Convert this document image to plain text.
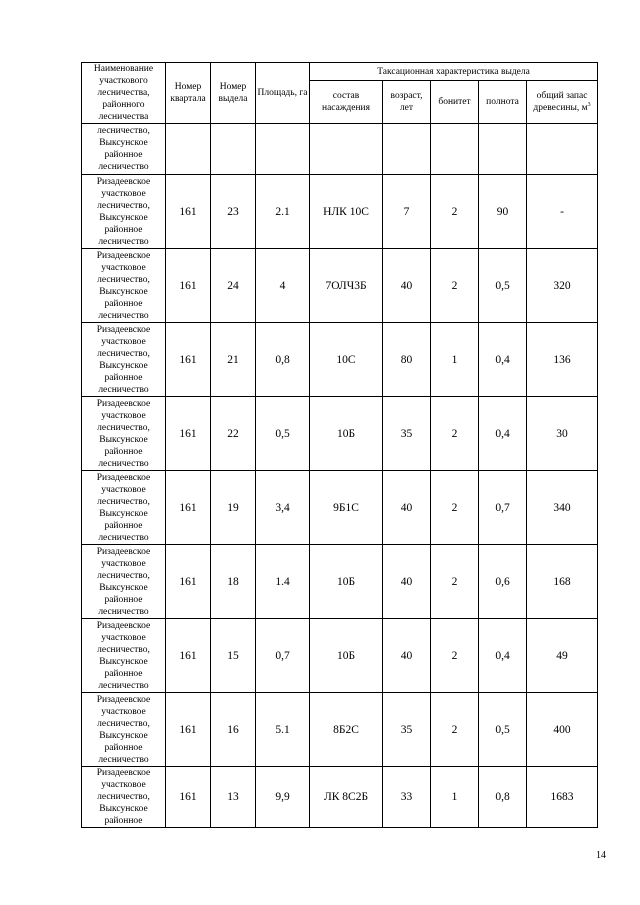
Наименование участкового лесничества, районного лесничества	Номер квартала	Номер выдела	Площадь, га	Таксационная характеристика выдела				
				состав насаждения	возраст, лет	бонитет	полнота	общий запас древесины, $м^3$
лесничество, Выксунское районное лесничество								
Ризадеевское участковое лесничество, Выксунское районное лесничество	161	23	2.1	НЛК 10С	7	2	90	-
Ризадеевское участковое лесничество, Выксунское районное лесничество	161	24	4	7ОЛЧ3Б	40	2	0,5	320
Ризадеевское участковое лесничество, Выксунское районное лесничество	161	21	0,8	10С	80	1	0,4	136
Ризадеевское участковое лесничество, Выксунское районное лесничество	161	22	0,5	10Б	35	2	0,4	30
Ризадеевское участковое лесничество, Выксунское районное лесничество	161	19	3,4	9Б1С	40	2	0,7	340
Ризадеевское участковое лесничество, Выксунское районное лесничество	161	18	1.4	10Б	40	2	0,6	168
Ризадеевское участковое лесничество, Выксунское районное лесничество	161	15	0,7	10Б	40	2	0,4	49
Ризадеевское участковое лесничество, Выксунское районное лесничество	161	16	5.1	8Б2С	35	2	0,5	400
Ризадеевское участковое лесничество, Выксунское районное	161	13	9,9	ЛК 8С2Б	33	1	0,8	1683
14
